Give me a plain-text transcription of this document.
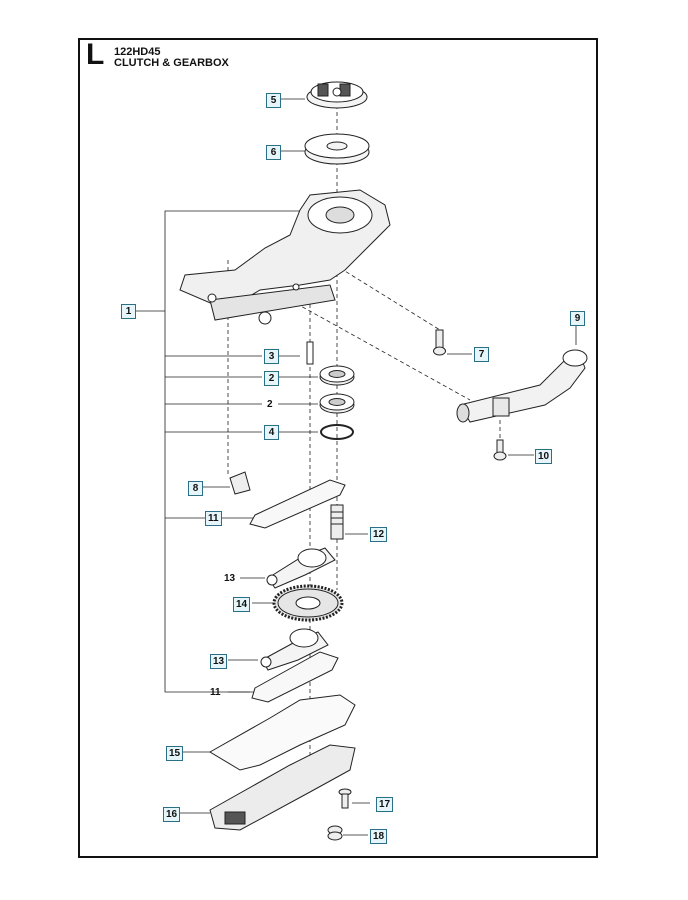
L 122HD45
CLUTCH & GEARBOX
5
6
1
3
2
2
4
7
9
10
8
11
12
13
14
13
11
15
16
17
18
